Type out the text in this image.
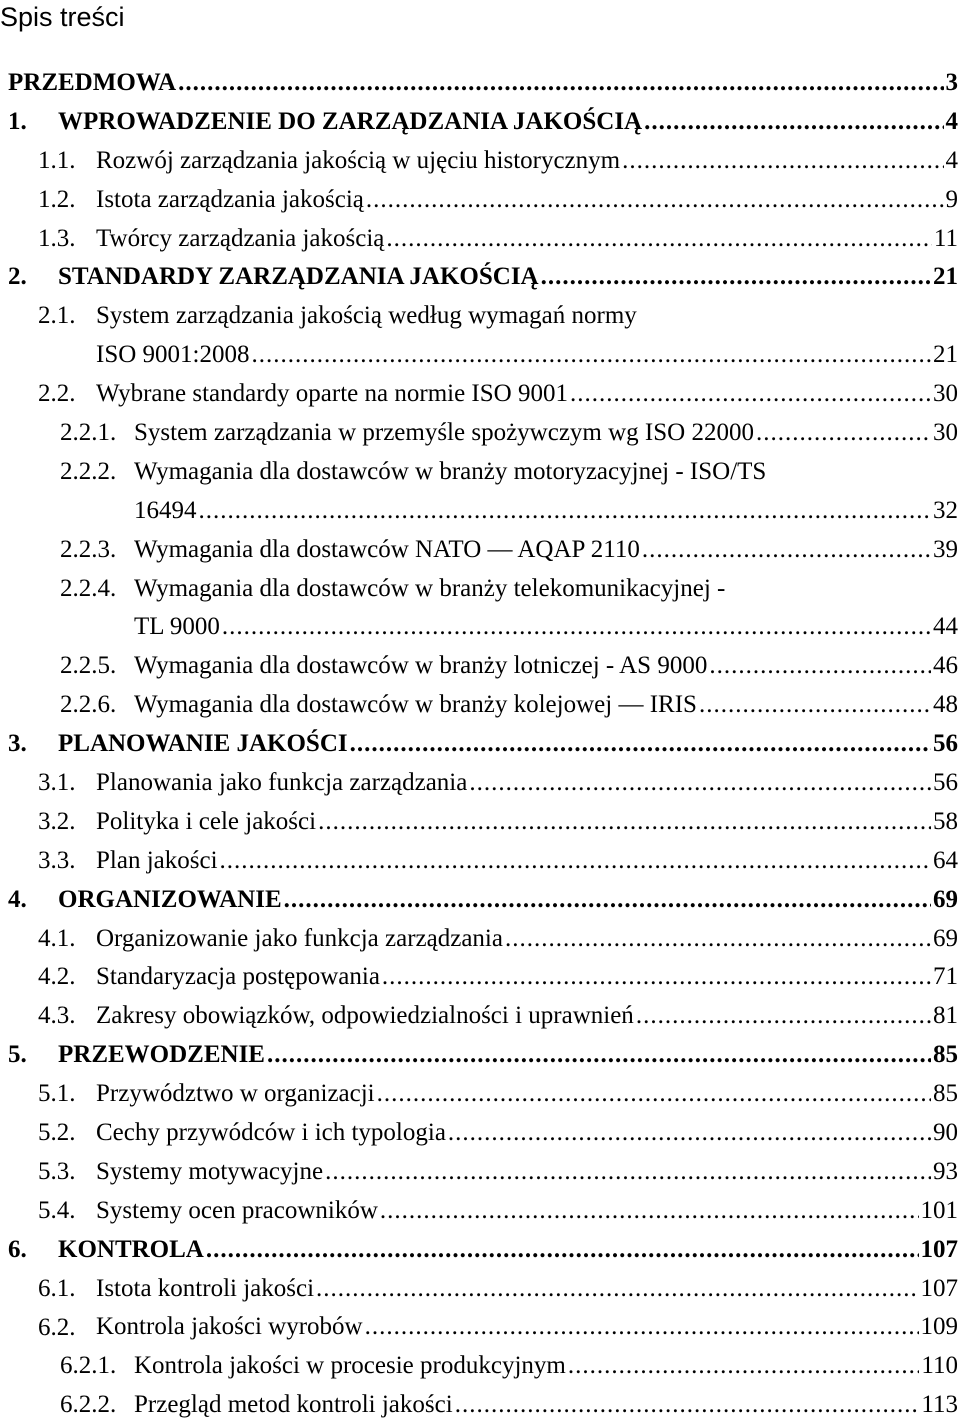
Spis treści
PRZEDMOWA .....	3
1. WPROWADZENIE DO ZARZĄDZANIA JAKOŚCIĄ .....	4
1.1. Rozwój zarządzania jakością w ujęciu historycznym .....	4
1.2. Istota zarządzania jakością .....	9
1.3. Twórcy zarządzania jakością .....	11
2. STANDARDY ZARZĄDZANIA JAKOŚCIĄ .....	21
2.1. System zarządzania jakością według wymagań normy
ISO 9001:2008 .....	21
2.2. Wybrane standardy oparte na normie ISO 9001 .....	30
2.2.1. System zarządzania w przemyśle spożywczym wg ISO 22000 .....	30
2.2.2. Wymagania dla dostawców w branży motoryzacyjnej - ISO/TS
16494 .....	32
2.2.3. Wymagania dla dostawców NATO — AQAP 2110 .....	39
2.2.4. Wymagania dla dostawców w branży telekomunikacyjnej -
TL 9000 .....	44
2.2.5. Wymagania dla dostawców w branży lotniczej - AS 9000 .....	46
2.2.6. Wymagania dla dostawców w branży kolejowej — IRIS .....	48
3. PLANOWANIE JAKOŚCI .....	56
3.1. Planowania jako funkcja zarządzania .....	56
3.2. Polityka i cele jakości .....	58
3.3. Plan jakości .....	64
4. ORGANIZOWANIE .....	69
4.1. Organizowanie jako funkcja zarządzania .....	69
4.2. Standaryzacja postępowania .....	71
4.3. Zakresy obowiązków, odpowiedzialności i uprawnień .....	81
5. PRZEWODZENIE .....	85
5.1. Przywództwo w organizacji .....	85
5.2. Cechy przywódców i ich typologia .....	90
5.3. Systemy motywacyjne .....	93
5.4. Systemy ocen pracowników .....	101
6. KONTROLA .....	107
6.1. Istota kontroli jakości .....	107
6.2. Kontrola jakości wyrobów .....	109
6.2.1. Kontrola jakości w procesie produkcyjnym .....	110
6.2.2. Przegląd metod kontroli jakości .....	113
